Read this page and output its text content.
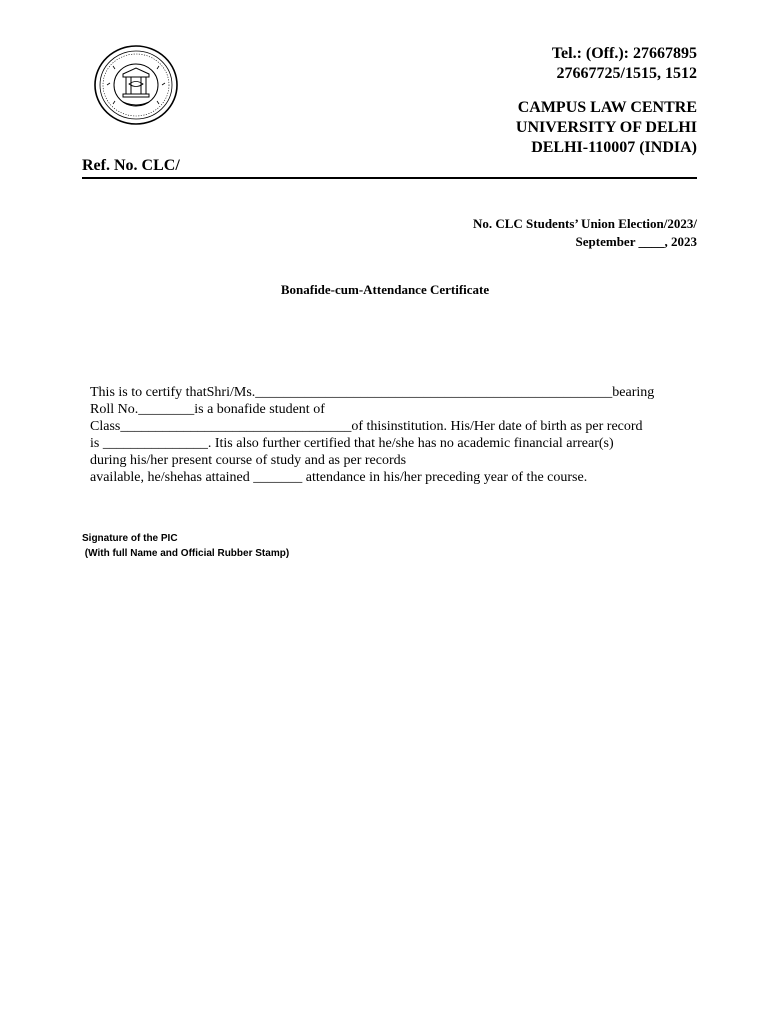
Tel.: (Off.): 27667895
27667725/1515, 1512
CAMPUS LAW CENTRE
UNIVERSITY OF DELHI
DELHI-110007 (INDIA)
Ref. No. CLC/
No. CLC Students’ Union Election/2023/
September ____, 2023
Bonafide-cum-Attendance Certificate
This is to certify thatShri/Ms.___________________________________________________bearing
Roll No.________is a bonafide student of
Class_________________________________of thisinstitution. His/Her date of birth as per record
is _______________. Itis also further certified that he/she has no academic financial arrear(s)
during his/her present course of study and as per records
available, he/shehas attained _______ attendance in his/her preceding year of the course.
Signature of the PIC
(With full Name and Official Rubber Stamp)
